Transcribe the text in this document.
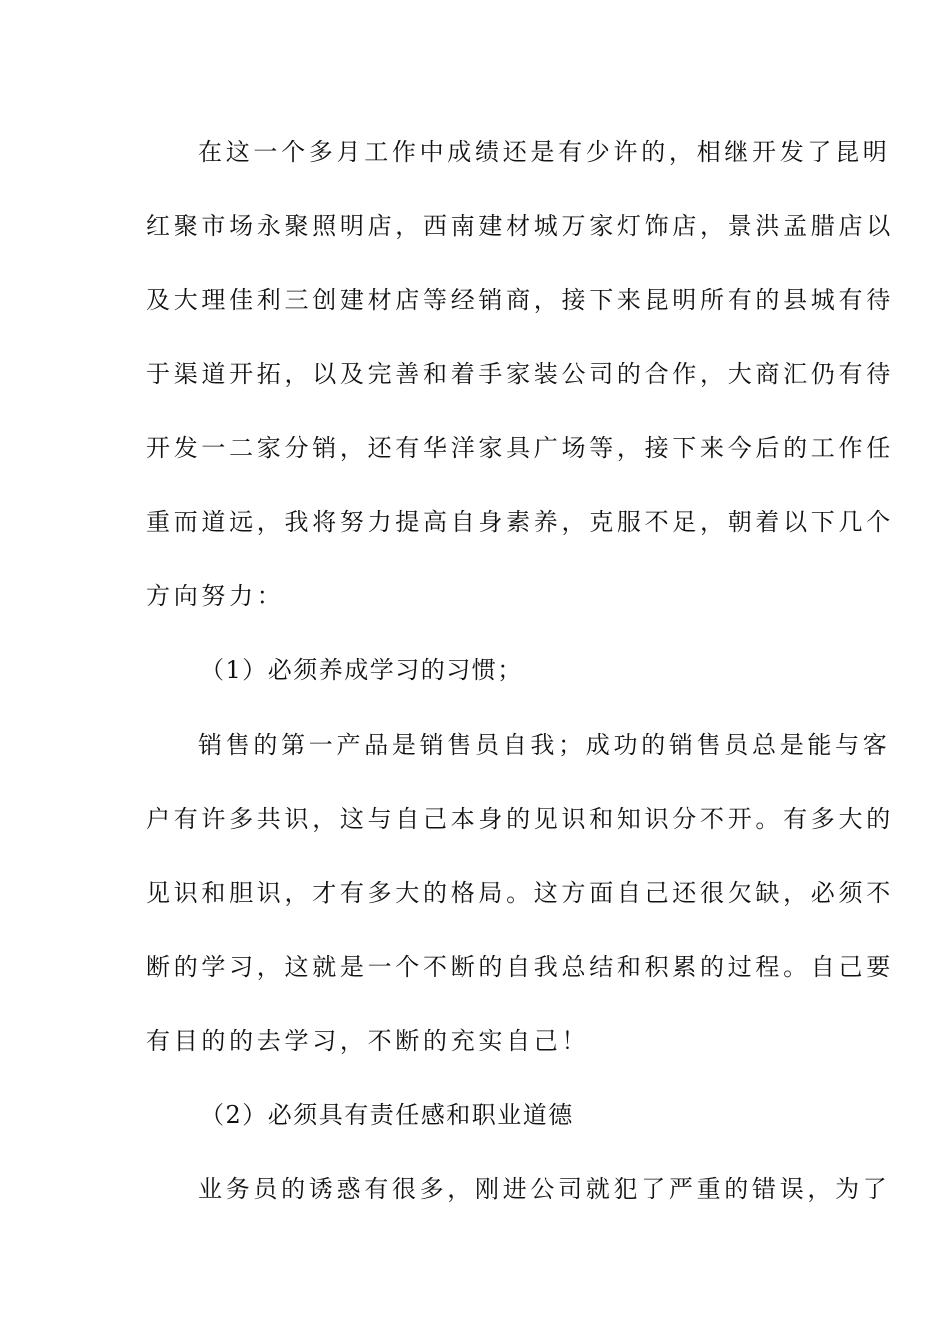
在这一个多月工作中成绩还是有少许的，相继开发了昆明
红聚市场永聚照明店，西南建材城万家灯饰店，景洪孟腊店以
及大理佳利三创建材店等经销商，接下来昆明所有的县城有待
于渠道开拓，以及完善和着手家装公司的合作，大商汇仍有待
开发一二家分销，还有华洋家具广场等，接下来今后的工作任
重而道远，我将努力提高自身素养，克服不足，朝着以下几个
方向努力：
（1）必须养成学习的习惯；
销售的第一产品是销售员自我；成功的销售员总是能与客
户有许多共识，这与自己本身的见识和知识分不开。有多大的
见识和胆识，才有多大的格局。这方面自己还很欠缺，必须不
断的学习，这就是一个不断的自我总结和积累的过程。自己要
有目的的去学习，不断的充实自己！
（2）必须具有责任感和职业道德
业务员的诱惑有很多，刚进公司就犯了严重的错误，为了
